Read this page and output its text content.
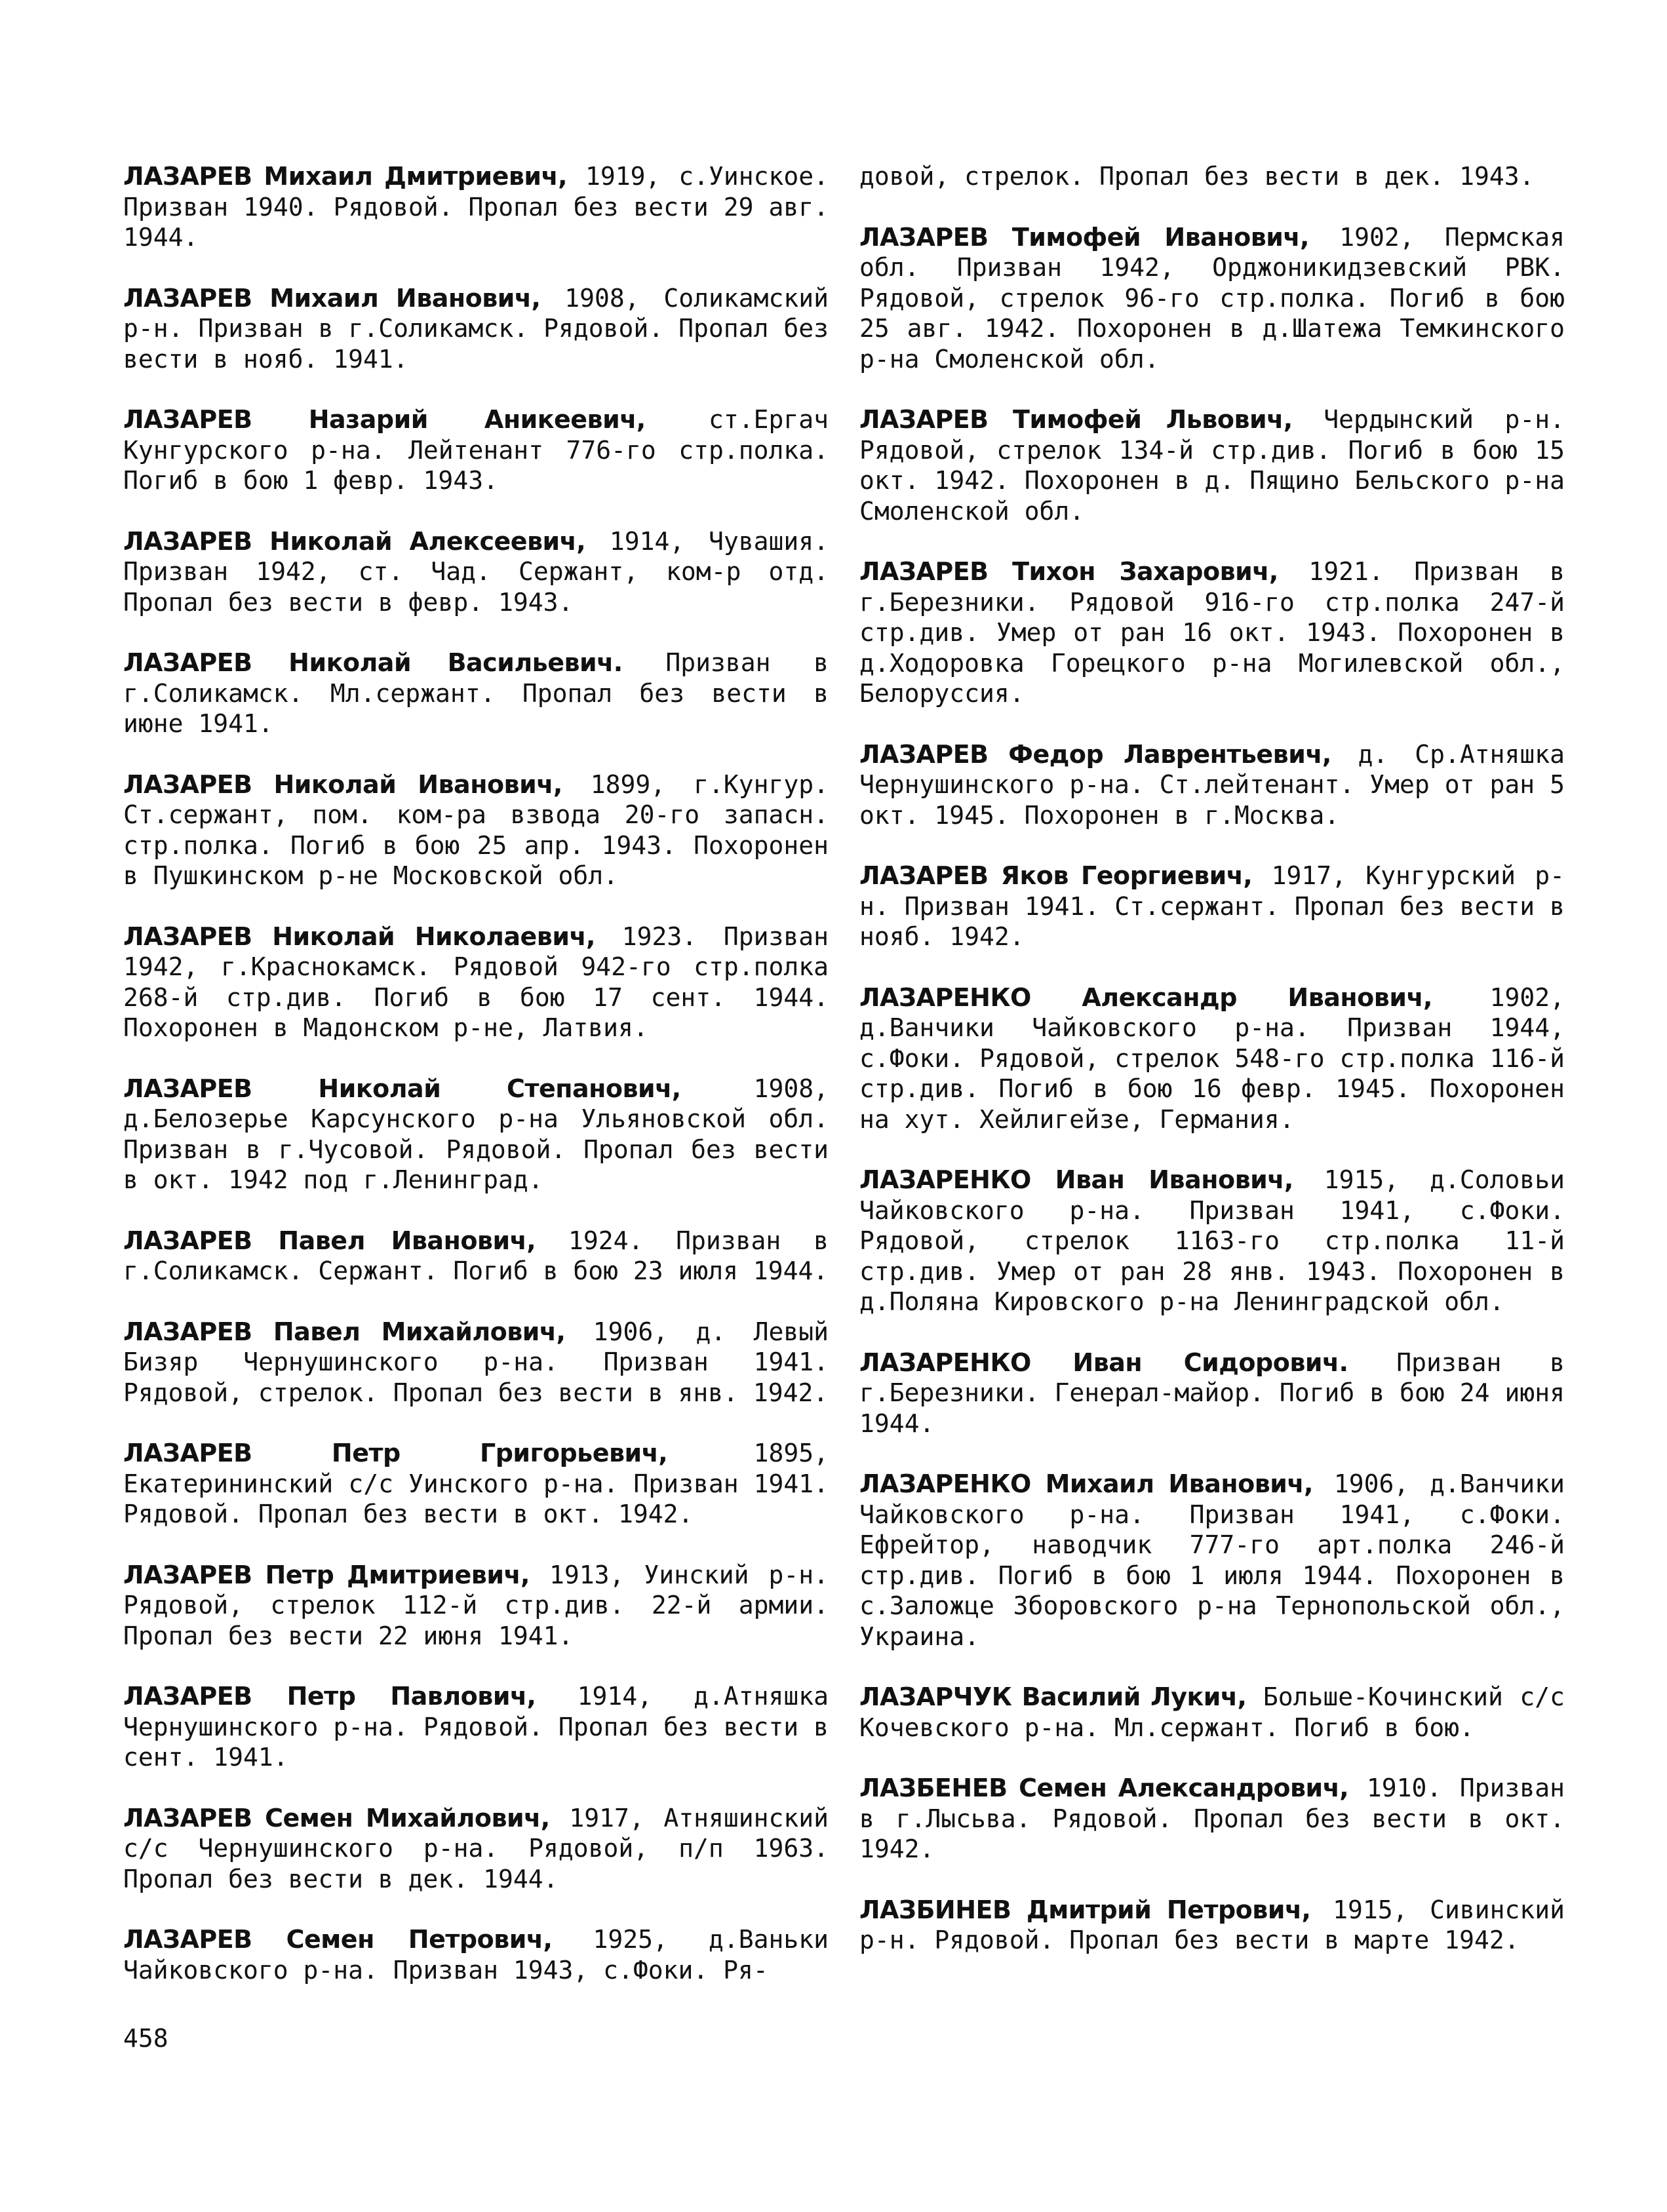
ЛАЗАРЕВ Михаил Дмитриевич, 1919, с.Уинское. Призван 1940. Рядовой. Пропал без вести 29 авг. 1944.

ЛАЗАРЕВ Михаил Иванович, 1908, Соликамский р-н. Призван в г.Соликамск. Рядовой. Пропал без вести в нояб. 1941.

ЛАЗАРЕВ Назарий Аникеевич,	ст.Ергач Кунгурского р-на. Лейтенант 776-го стр.полка. Погиб в бою 1 февр. 1943.

ЛАЗАРЕВ Николай Алексеевич, 1914, Чувашия. Призван 1942, ст. Чад. Сержант, ком-р отд. Пропал без вести в февр. 1943.

ЛАЗАРЕВ Николай Васильевич. Призван в г.Соликамск. Мл.сержант. Пропал без вести в июне 1941.

ЛАЗАРЕВ Николай Иванович, 1899, г.Кунгур. Ст.сержант, пом. ком-ра взвода 20-го запасн. стр.полка. Погиб в бою 25 апр. 1943. Похоронен в Пушкинском р-не Московской обл.

ЛАЗАРЕВ Николай Николаевич, 1923. Призван 1942, г.Краснокамск. Рядовой 942-го стр.полка 268-й стр.див. Погиб в бою 17 сент. 1944. Похоронен в Мадонском р-не, Латвия.

ЛАЗАРЕВ Николай Степанович,	1908, д.Белозерье Карсунского р-на Ульяновской обл. Призван в г.Чусовой. Рядовой. Пропал без вести в окт. 1942 под г.Ленинград.

ЛАЗАРЕВ Павел Иванович, 1924. Призван в г.Соликамск. Сержант. Погиб в бою 23 июля 1944.

ЛАЗАРЕВ Павел Михайлович, 1906, д. Левый Бизяр Чернушинского р-на. Призван 1941. Рядовой, стрелок. Пропал без вести в янв. 1942.

ЛАЗАРЕВ Петр Григорьевич,	1895, Екатерининский с/с Уинского р-на. Призван 1941. Рядовой. Пропал без вести в окт. 1942.

ЛАЗАРЕВ Петр Дмитриевич, 1913, Уинский р-н. Рядовой, стрелок 112-й стр.див. 22-й армии. Пропал без вести 22 июня 1941.

ЛАЗАРЕВ Петр Павлович, 1914, д.Атняшка Чернушинского р-на. Рядовой. Пропал без вести в сент. 1941.

ЛАЗАРЕВ Семен Михайлович, 1917, Атняшинский с/с Чернушинского р-на. Рядовой, п/п 1963. Пропал без вести в дек. 1944.

ЛАЗАРЕВ Семен Петрович, 1925, д.Ваньки Чайковского р-на. Призван 1943, с.Фоки. Ря-

довой, стрелок. Пропал без вести в дек. 1943.

ЛАЗАРЕВ Тимофей Иванович, 1902, Пермская обл. Призван 1942, Орджоникидзевский РВК. Рядовой, стрелок 96-го стр.полка. Погиб в бою 25 авг. 1942. Похоронен в д.Шатежа Темкинского р-на Смоленской обл.

ЛАЗАРЕВ Тимофей Львович, Чердынский р-н. Рядовой, стрелок 134-й стр.див. Погиб в бою 15 окт. 1942. Похоронен в д. Пящино Бельского р-на Смоленской обл.

ЛАЗАРЕВ Тихон Захарович, 1921. Призван в г.Березники. Рядовой 916-го стр.полка 247-й стр.див. Умер от ран 16 окт. 1943. Похоронен в д.Ходоровка Горецкого р-на Могилевской обл., Белоруссия.

ЛАЗАРЕВ Федор Лаврентьевич, д. Ср.Атняшка Чернушинского р-на. Ст.лейтенант. Умер от ран 5 окт. 1945. Похоронен в г.Москва.

ЛАЗАРЕВ Яков Георгиевич, 1917, Кунгурский р-н. Призван 1941. Ст.сержант. Пропал без вести в нояб. 1942.

ЛАЗАРЕНКО Александр Иванович, 1902, д.Ванчики Чайковского р-на. Призван 1944, с.Фоки. Рядовой, стрелок 548-го стр.полка 116-й стр.див. Погиб в бою 16 февр. 1945. Похоронен на хут. Хейлигейзе, Германия.

ЛАЗАРЕНКО Иван Иванович, 1915, д.Соловьи Чайковского р-на. Призван 1941, с.Фоки. Рядовой, стрелок 1163-го стр.полка 11-й стр.див. Умер от ран 28 янв. 1943. Похоронен в д.Поляна Кировского р-на Ленинградской обл.

ЛАЗАРЕНКО Иван Сидорович. Призван в г.Березники. Генерал-майор. Погиб в бою 24 июня 1944.

ЛАЗАРЕНКО Михаил Иванович, 1906, д.Ванчики Чайковского р-на. Призван 1941, с.Фоки. Ефрейтор, наводчик 777-го арт.полка 246-й стр.див. Погиб в бою 1 июля 1944. Похоронен в с.Заложце Зборовского р-на Тернопольской обл., Украина.

ЛАЗАРЧУК Василий Лукич, Больше-Кочинский с/с Кочевского р-на. Мл.сержант. Погиб в бою.

ЛАЗБЕНЕВ Семен Александрович, 1910. Призван в г.Лысьва. Рядовой. Пропал без вести в окт. 1942.

ЛАЗБИНЕВ Дмитрий Петрович, 1915, Сивинский р-н. Рядовой. Пропал без вести в марте 1942.

458
